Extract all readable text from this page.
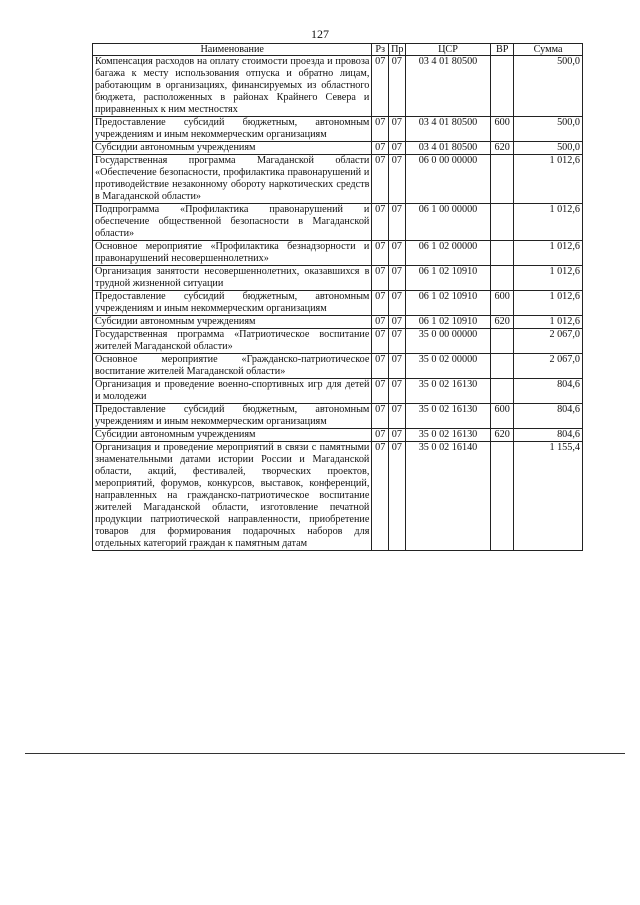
127
Наименование	Рз	Пр	ЦСР	ВР	Сумма
Компенсация расходов на оплату стоимости проезда и провоза багажа к месту использования отпуска и обратно лицам, работающим в организациях, финансируемых из областного бюджета, расположенных в районах Крайнего Севера и приравненных к ним местностях	07	07	03 4 01 80500		500,0
Предоставление субсидий бюджетным, автономным учреждениям и иным некоммерческим организациям	07	07	03 4 01 80500	600	500,0
Субсидии автономным учреждениям	07	07	03 4 01 80500	620	500,0
Государственная программа Магаданской области «Обеспечение безопасности, профилактика правонарушений и противодействие незаконному обороту наркотических средств в Магаданской области»	07	07	06 0 00 00000		1 012,6
Подпрограмма «Профилактика правонарушений и обеспечение общественной безопасности в Магаданской области»	07	07	06 1 00 00000		1 012,6
Основное мероприятие «Профилактика безнадзорности и правонарушений несовершеннолетних»	07	07	06 1 02 00000		1 012,6
Организация занятости несовершеннолетних, оказавшихся в трудной жизненной ситуации	07	07	06 1 02 10910		1 012,6
Предоставление субсидий бюджетным, автономным учреждениям и иным некоммерческим организациям	07	07	06 1 02 10910	600	1 012,6
Субсидии автономным учреждениям	07	07	06 1 02 10910	620	1 012,6
Государственная программа «Патриотическое воспитание жителей Магаданской области»	07	07	35 0 00 00000		2 067,0
Основное мероприятие «Гражданско-патриотическое воспитание жителей Магаданской области»	07	07	35 0 02 00000		2 067,0
Организация и проведение военно-спортивных игр для детей и молодежи	07	07	35 0 02 16130		804,6
Предоставление субсидий бюджетным, автономным учреждениям и иным некоммерческим организациям	07	07	35 0 02 16130	600	804,6
Субсидии автономным учреждениям	07	07	35 0 02 16130	620	804,6
Организация и проведение мероприятий в связи с памятными знаменательными датами истории России и Магаданской области, акций, фестивалей, творческих проектов, мероприятий, форумов, конкурсов, выставок, конференций, направленных на гражданско-патриотическое воспитание жителей Магаданской области, изготовление печатной продукции патриотической направленности, приобретение товаров для формирования подарочных наборов для отдельных категорий граждан к памятным датам	07	07	35 0 02 16140		1 155,4
